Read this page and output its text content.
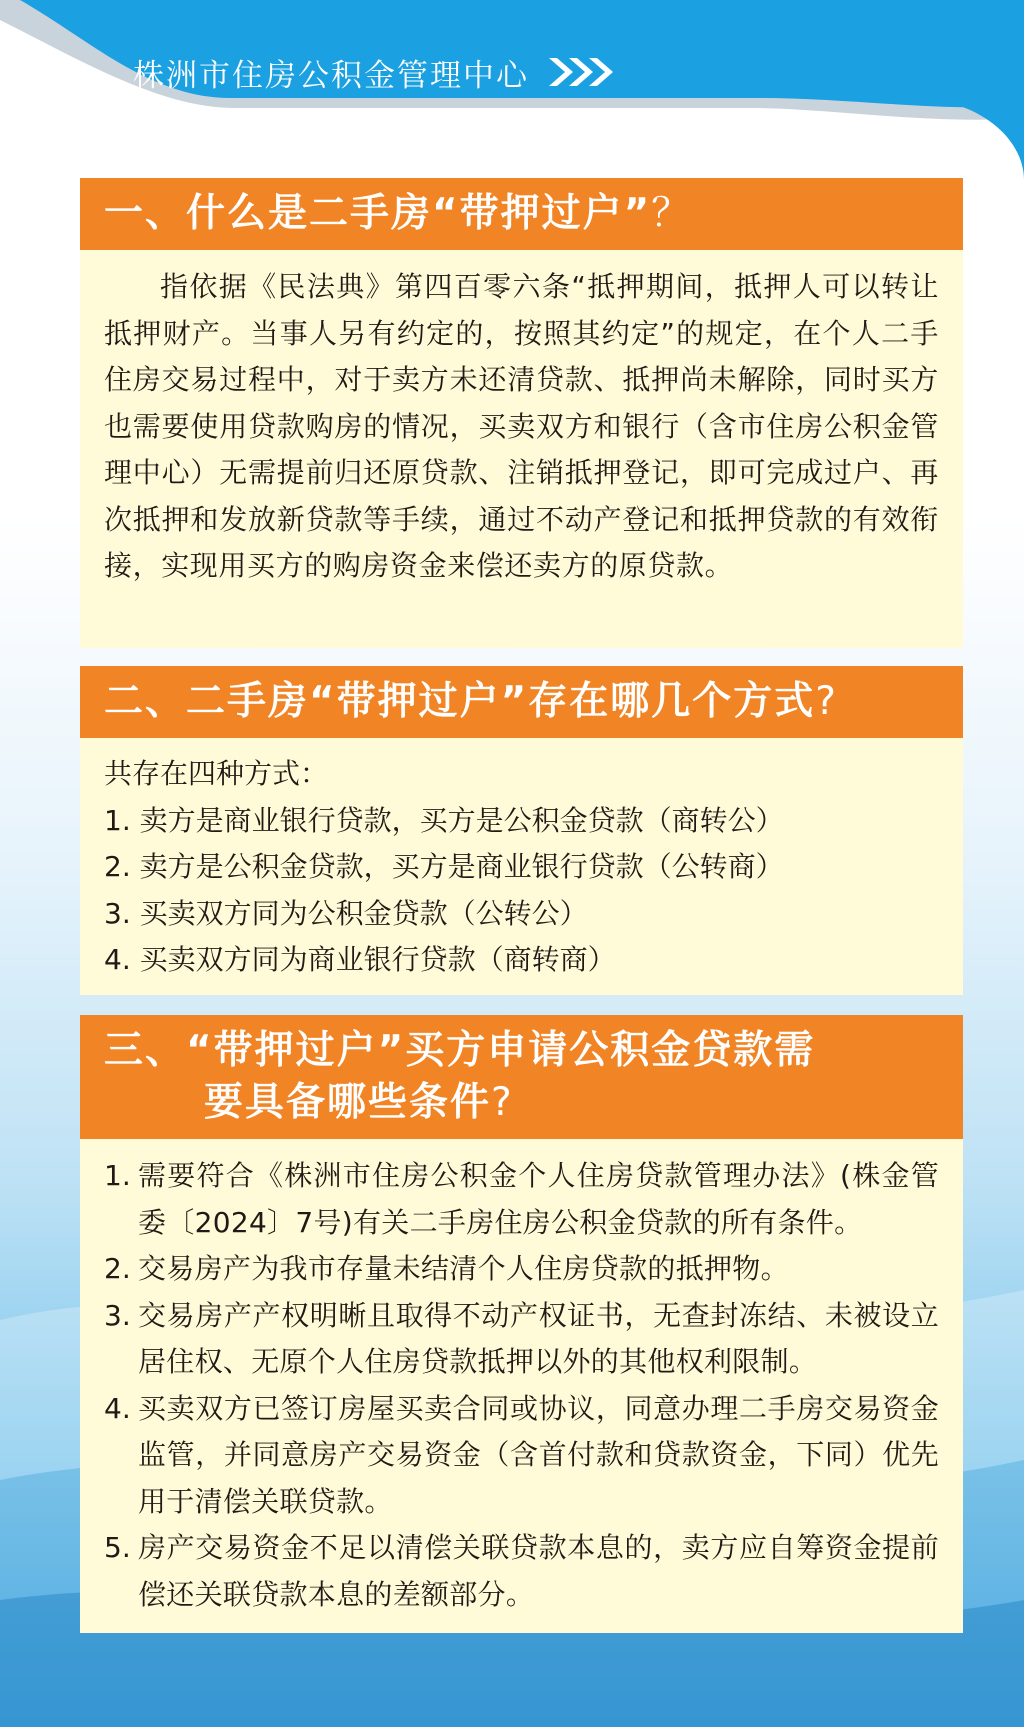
株洲市住房公积金管理中心
一、什么是二手房“带押过户”？

指依据《民法典》第四百零六条“抵押期间，抵押人可以转让抵押财产。当事人另有约定的，按照其约定”的规定，在个人二手住房交易过程中，对于卖方未还清贷款、抵押尚未解除，同时买方也需要使用贷款购房的情况，买卖双方和银行（含市住房公积金管理中心）无需提前归还原贷款、注销抵押登记，即可完成过户、再次抵押和发放新贷款等手续，通过不动产登记和抵押贷款的有效衔接，实现用买方的购房资金来偿还卖方的原贷款。

二、二手房“带押过户”存在哪几个方式?
共存在四种方式：
1. 卖方是商业银行贷款，买方是公积金贷款（商转公）
2. 卖方是公积金贷款，买方是商业银行贷款（公转商）
3. 买卖双方同为公积金贷款（公转公）
4. 买卖双方同为商业银行贷款（商转商）
三、“带押过户”买方申请公积金贷款需
要具备哪些条件?
1. 需要符合《株洲市住房公积金个人住房贷款管理办法》(株金管委〔2024〕7号)有关二手房住房公积金贷款的所有条件。
2. 交易房产为我市存量未结清个人住房贷款的抵押物。
3. 交易房产产权明晰且取得不动产权证书，无查封冻结、未被设立居住权、无原个人住房贷款抵押以外的其他权利限制。
4. 买卖双方已签订房屋买卖合同或协议，同意办理二手房交易资金监管，并同意房产交易资金（含首付款和贷款资金，下同）优先用于清偿关联贷款。
5. 房产交易资金不足以清偿关联贷款本息的，卖方应自筹资金提前偿还关联贷款本息的差额部分。
